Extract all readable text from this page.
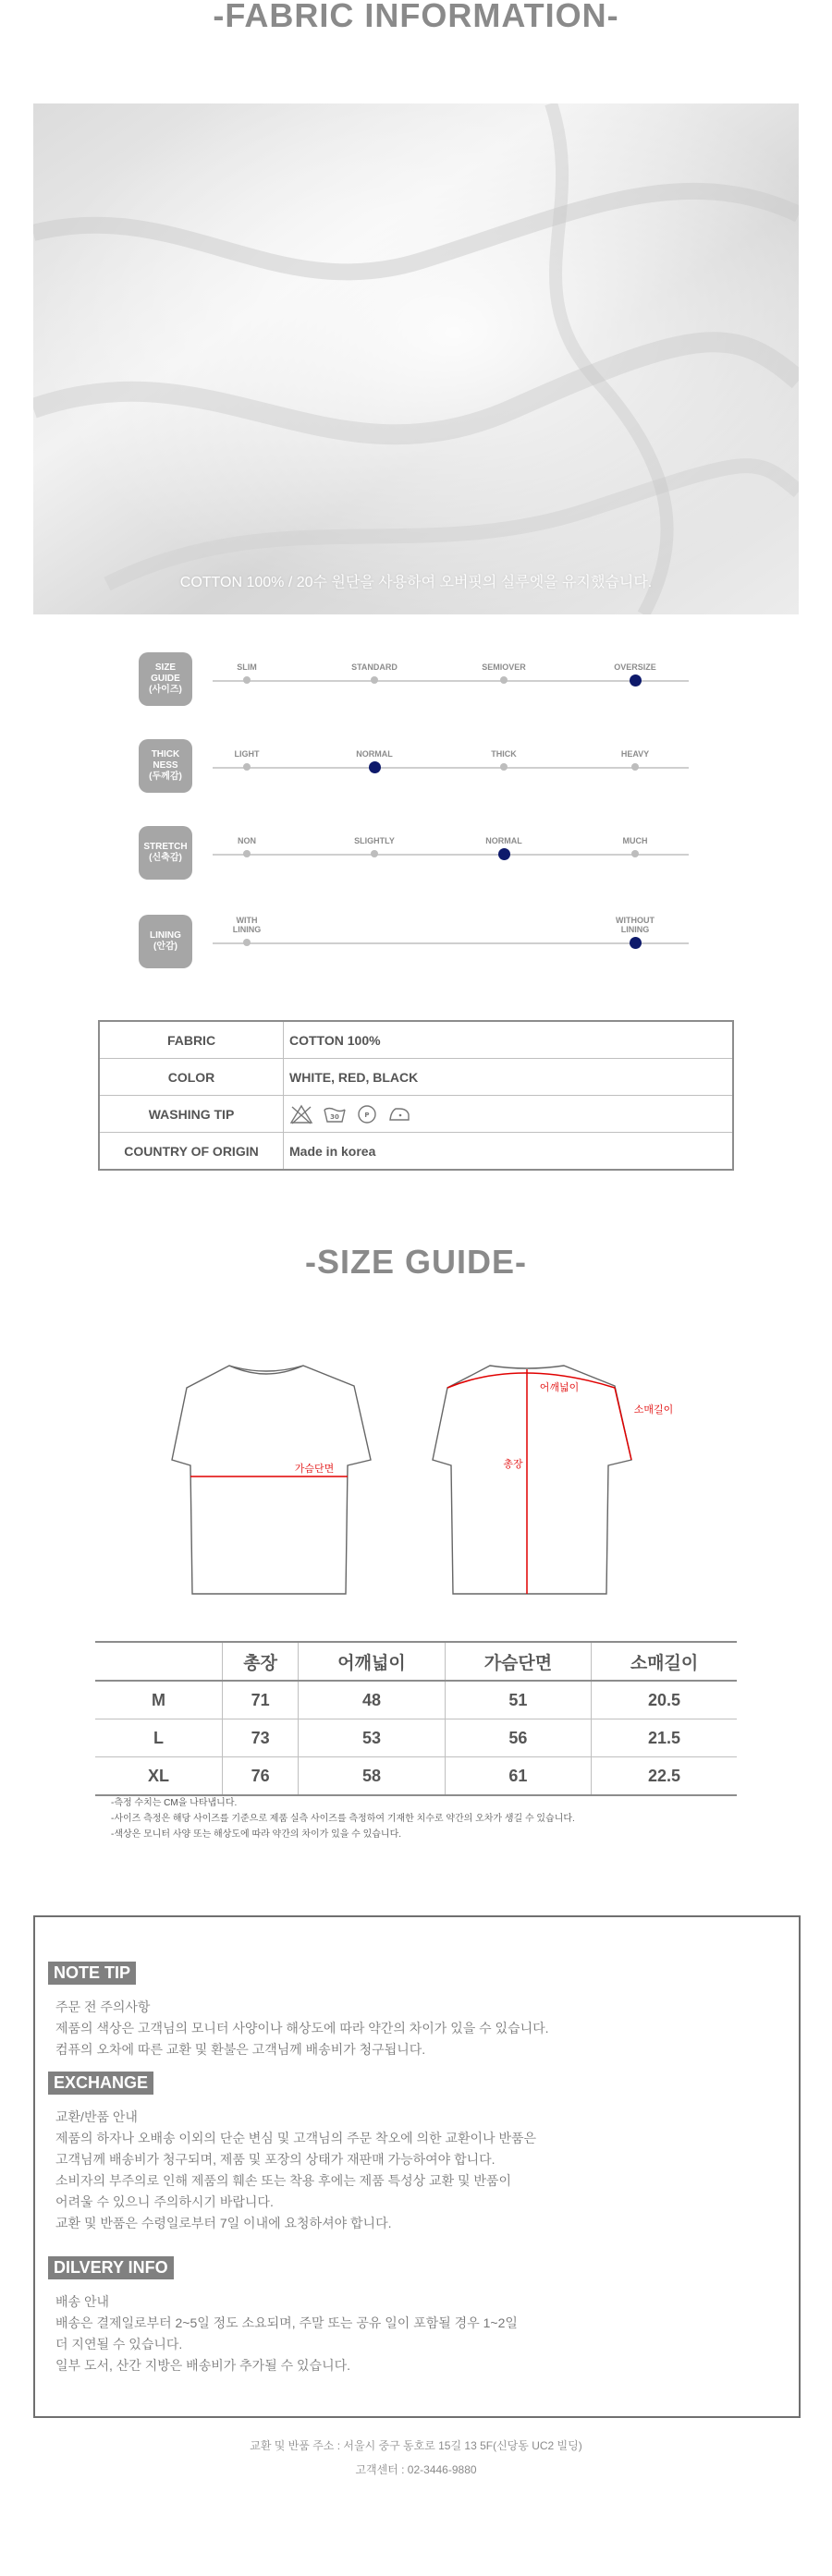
-FABRIC INFORMATION-
COTTON 100% / 20수 원단을 사용하여 오버핏의 실루엣을 유지했습니다.
SIZE
GUIDE
(사이즈)
SLIM	STANDARD	SEMIOVER	OVERSIZE
THICK
NESS
(두께감)
LIGHT	NORMAL	THICK	HEAVY
STRETCH
(신축감)
NON	SLIGHTLY	NORMAL	MUCH
LINING
(안감)
WITH
LINING
WITHOUT
LINING
FABRIC	COTTON 100%
COLOR	WHITE, RED, BLACK
WASHING TIP	30 P

COUNTRY OF ORIGIN	Made in korea
-SIZE GUIDE-
가슴단면
어깨넓이
소매길이
총장
	총장	어깨넓이	가슴단면	소매길이
M	71	48	51	20.5
L	73	53	56	21.5
XL	76	58	61	22.5
-측정 수치는 CM을 나타냅니다.
-사이즈 측정은 해당 사이즈를 기준으로 제품 실측 사이즈를 측정하여 기재한 치수로 약간의 오차가 생길 수 있습니다.
-색상은 모니터 사양 또는 해상도에 따라 약간의 차이가 있을 수 있습니다.
NOTE TIP
주문 전 주의사항
제품의 색상은 고객님의 모니터 사양이나 해상도에 따라 약간의 차이가 있을 수 있습니다.
컴퓨의 오차에 따른 교환 및 환불은 고객님께 배송비가 청구됩니다.
EXCHANGE
교환/반품 안내
제품의 하자나 오배송 이외의 단순 변심 및 고객님의 주문 착오에 의한 교환이나 반품은
고객님께 배송비가 청구되며, 제품 및 포장의 상태가 재판매 가능하여야 합니다.
소비자의 부주의로 인해 제품의 훼손 또는 착용 후에는 제품 특성상 교환 및 반품이
어려울 수 있으니 주의하시기 바랍니다.
교환 및 반품은 수령일로부터 7일 이내에 요청하셔야 합니다.
DILVERY INFO
배송 안내
배송은 결제일로부터 2~5일 정도 소요되며, 주말 또는 공유 일이 포함될 경우 1~2일
더 지연될 수 있습니다.
일부 도서, 산간 지방은 배송비가 추가될 수 있습니다.
교환 및 반품 주소 : 서울시 중구 동호로 15길 13 5F(신당동 UC2 빌딩)
고객센터 : 02-3446-9880
